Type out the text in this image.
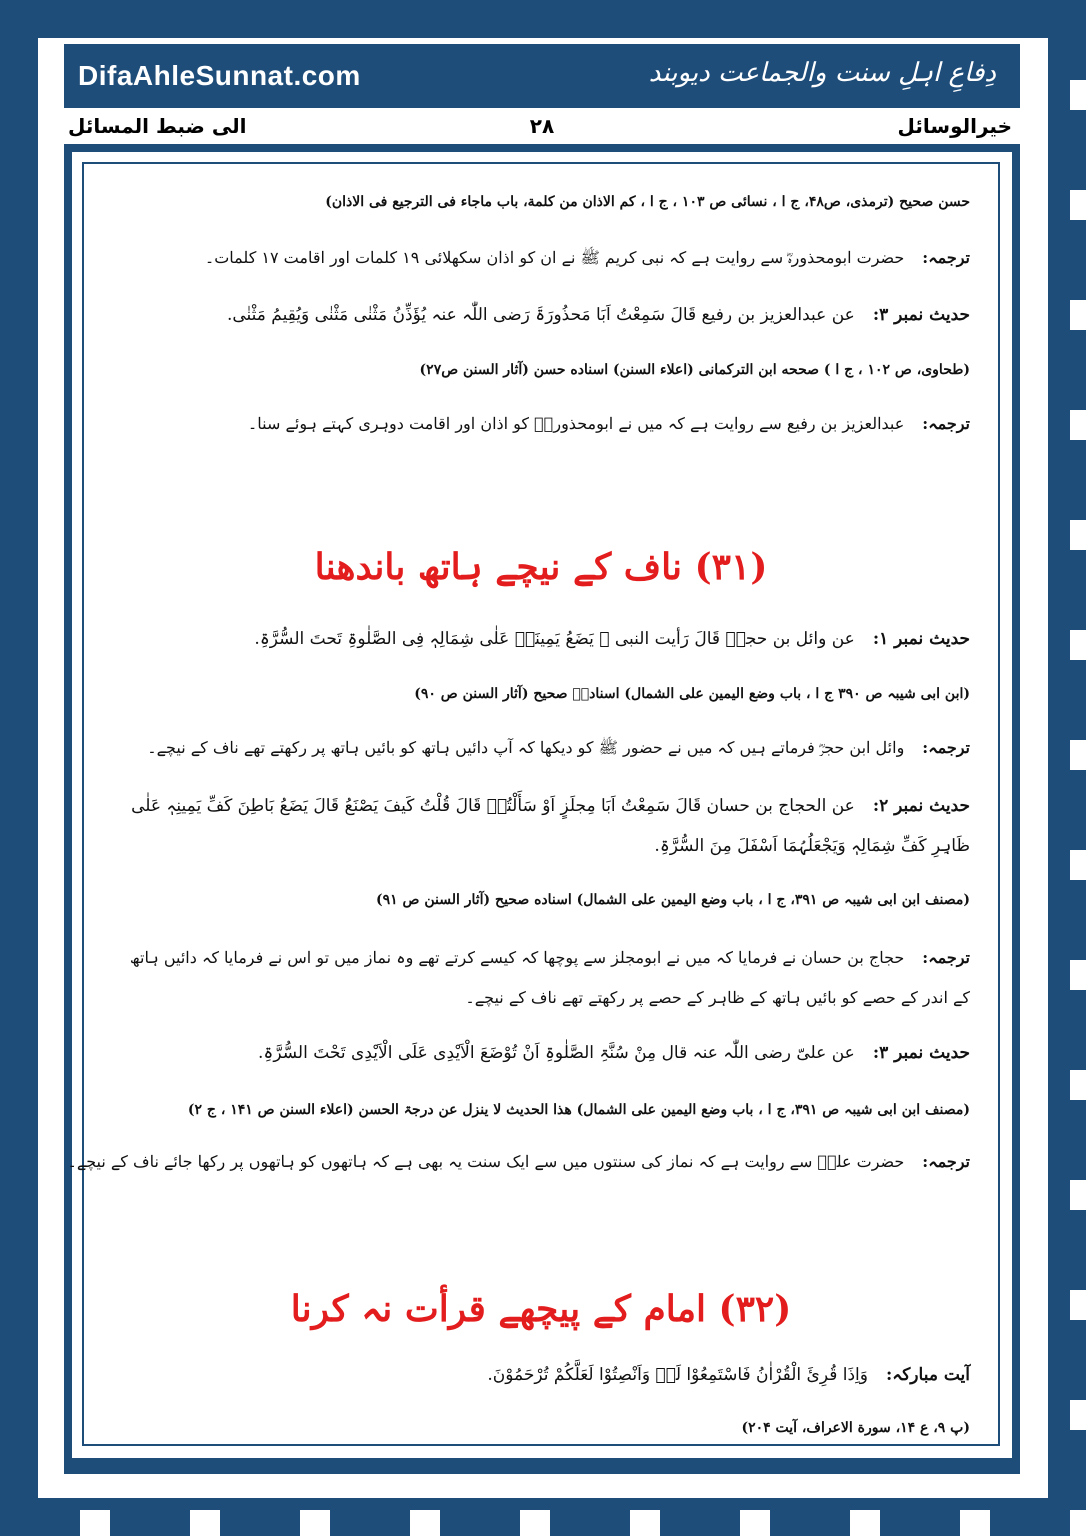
DifaAhleSunnat.com	دِفاعِ اہلِ سنت والجماعت دیوبند
الى ضبط المسائل	۲۸	خیرالوسائل
حسن صحیح (ترمذی، ص۴۸، ج ا ، نسائی ص ۱۰۳ ، ج ا ، کم الاذان من کلمة، باب ماجاء فی الترجیع فی الاذان)
ترجمہ:حضرت ابومحذورہؓ سے روایت ہے کہ نبی کریم ﷺ نے ان کو اذان سکھلائی ۱۹ کلمات اور اقامت ۱۷ کلمات۔
حدیث نمبر ۳:عن عبدالعزیز بن رفیع قَالَ سَمِعْتُ اَبَا مَحذُورَۃَ رَضی اللّٰہ عنہ یُؤَذِّنُ مَثْنٰی مَثْنٰی وَیُقِیمُ مَثْنٰی.
(طحاوی، ص ۱۰۲ ، ج ا ) صححه ابن التركمانی (اعلاء السنن) اسناده حسن (آثار السنن ص۲۷)
ترجمہ:عبدالعزیز بن رفیع سے روایت ہے کہ میں نے ابومحذورہؓ کو اذان اور اقامت دوہری کہتے ہوئے سنا۔
(۳۱) ناف کے نیچے ہاتھ باندھنا
حدیث نمبر ۱:عن وائل بن حجرؓ قَالَ رَأیت النبی ﷺ یَضَعُ یَمِینَہٗ عَلٰی شِمَالِہٖ فِی الصَّلٰوۃِ تَحتَ السُّرَّۃِ.
(ابن ابی شیبہ ص ۳۹۰ ج ا ، باب وضع الیمین علی الشمال) اسنادہٗ صحیح (آثار السنن ص ۹۰)
ترجمہ:وائل ابن حجرؓ فرماتے ہیں کہ میں نے حضور ﷺ کو دیکھا کہ آپ دائیں ہاتھ کو بائیں ہاتھ پر رکھتے تھے ناف کے نیچے۔
حدیث نمبر ۲:عن الحجاج بن حسان قَالَ سَمِعْتُ اَبَا مِجلَزٍ اَوْ سَأَلْتُہٗ قَالَ قُلْتُ کَیفَ یَصْنَعُ قَالَ یَضَعُ بَاطِنَ کَفِّ یَمِینِہٖ عَلٰی ظَاہِرِ کَفِّ شِمَالِہٖ وَیَجْعَلُہُمَا اَسْفَلَ مِنَ السُّرَّۃِ.
(مصنف ابن ابی شیبہ ص ۳۹۱، ج ا ، باب وضع الیمین علی الشمال) اسناده صحیح (آثار السنن ص ۹۱)
ترجمہ:حجاج بن حسان نے فرمایا کہ میں نے ابومجلز سے پوچھا کہ کیسے کرتے تھے وہ نماز میں تو اس نے فرمایا کہ دائیں ہاتھ کے اندر کے حصے کو بائیں ہاتھ کے ظاہر کے حصے پر رکھتے تھے ناف کے نیچے۔
حدیث نمبر ۳:عن علیّ رضی اللّٰہ عنہ قال مِنْ سُنَّۃِ الصَّلٰوۃِ اَنْ تُوْضَعَ الْاَیْدِی عَلَی الْاَیْدِی تَحْتَ السُّرَّۃِ.
(مصنف ابن ابی شیبہ ص ۳۹۱، ج ا ، باب وضع الیمین علی الشمال) ھذا الحدیث لا ینزل عن درجۃ الحسن (اعلاء السنن ص ۱۴۱ ، ج ۲)
ترجمہ:حضرت علیؓ سے روایت ہے کہ نماز کی سنتوں میں سے ایک سنت یہ بھی ہے کہ ہاتھوں کو ہاتھوں پر رکھا جائے ناف کے نیچے۔
(۳۲) امام کے پیچھے قرأت نہ کرنا
آیت مبارکہ:وَاِذَا قُرِئَ الْقُرْاٰنُ فَاسْتَمِعُوْا لَہٗ وَاَنْصِتُوْا لَعَلَّکُمْ تُرْحَمُوْنَ.
(پ ۹، ع ۱۴، سورة الاعراف، آیت ۲۰۴)
